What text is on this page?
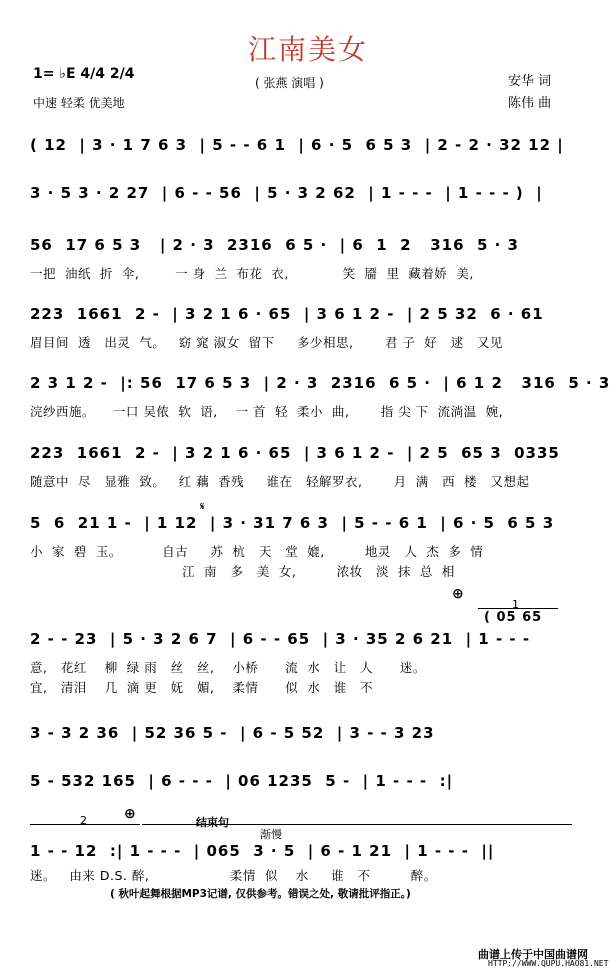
江南美女
( 张燕 演唱 )
1= ♭E 4/4 2/4
中速 轻柔 优美地
安华 词
陈伟 曲
( 12  | 3 · 1 7 6 3  | 5 - - 6 1  | 6 · 5  6 5 3  | 2 - 2 · 32 12 |
3 · 5 3 · 2 27  | 6 - - 56  | 5 · 3 2 62  | 1 - - -  | 1 - - - )  |
56  17 6 5 3   | 2 · 3  2316  6 5 ·  | 6  1  2   316  5 · 3
一把  油纸  折  伞,        一 身  兰  布花  衣,            笑  靥  里  藏着娇  美,
223  1661  2 -  | 3 2 1 6 · 65  | 3 6 1 2 -  | 2 5 32  6 · 61
眉目间  透   出灵  气。   窈 窕 淑女  留下     多少相思,       君 子  好   逑   又见
2 3 1 2 -  |: 56  17 6 5 3  | 2 · 3  2316  6 5 ·  | 6 1 2   316  5 · 3
浣纱西施。    一口 吴侬  软  语,    一 首  轻  柔小  曲,       指 尖 下  流淌温  婉,
223  1661  2 -  | 3 2 1 6 · 65  | 3 6 1 2 -  | 2 5  65 3  0335
随意中  尽   显雅  致。   红 藕  香残     谁在   轻解罗衣,       月  满   西  楼   又想起
𝄋
5  6  21 1 -  | 1 12  | 3 · 31 7 6 3  | 5 - - 6 1  | 6 · 5  6 5 3
小  家  碧  玉。         自古     苏  杭   天   堂  媲,         地灵   人  杰  多  情
江  南   多   美  女,         浓妆   淡  抹  总  相
⊕
1
( 05 65
2 - - 23  | 5 · 3 2 6 7  | 6 - - 65  | 3 · 35 2 6 21  | 1 - - -
意,   花红    柳  绿 雨   丝   丝,    小桥      流  水   让   人      迷。
宜,   清泪    几  滴 更   妩   媚,    柔情      似  水   谁   不
3 - 3 2 36  | 52 36 5 -  | 6 - 5 52  | 3 - - 3 23
5 - 532 165  | 6 - - -  | 06 1235  5 -  | 1 - - -  :|
2	⊕
结束句
渐慢
1 - - 12  :| 1 - - -  | 065  3 · 5  | 6 - 1 21  | 1 - - -  ||
迷。   由来 D.S. 醉,                  柔情  似    水     谁   不         醉。
( 秋叶起舞根据MP3记谱, 仅供参考。错误之处, 敬请批评指正。)
曲谱上传于中国曲谱网
HTTP://WWW.QUPU.HAO81.NET
